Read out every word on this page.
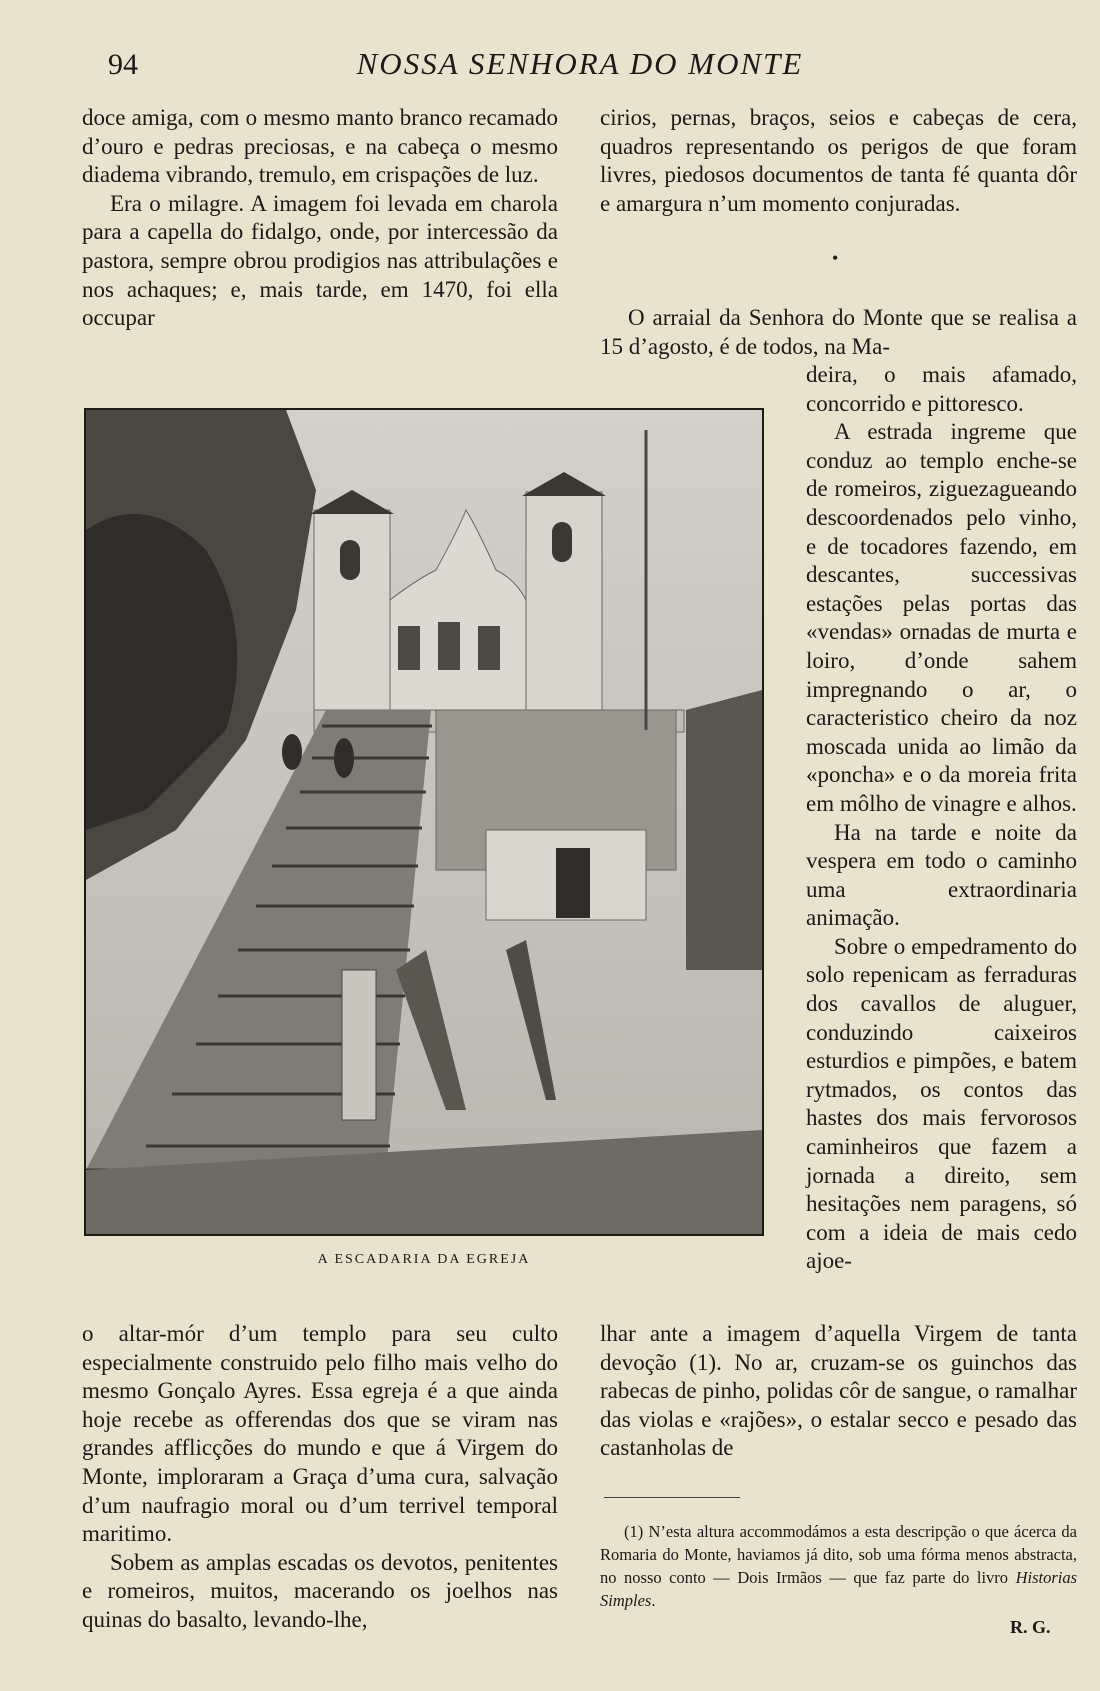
94	NOSSA SENHORA DO MONTE

doce amiga, com o mesmo manto branco recamado d’ouro e pedras preciosas, e na cabeça o mesmo diadema vibrando, tremulo, em crispações de luz.

Era o milagre. A imagem foi levada em charola para a capella do fidalgo, onde, por intercessão da pastora, sempre obrou prodigios nas attribulações e nos achaques; e, mais tarde, em 1470, foi ella occupar

cirios, pernas, braços, seios e cabeças de cera, quadros representando os perigos de que foram livres, piedosos documentos de tanta fé quanta dôr e amargura n’um momento conjuradas.

•

O arraial da Senhora do Monte que se realisa a 15 d’agosto, é de todos, na Ma-

deira, o mais afamado, concorrido e pittoresco.

A estrada ingreme que conduz ao templo enche-se de romeiros, ziguezagueando descoordenados pelo vinho, e de tocadores fazendo, em descantes, successivas estações pelas portas das «vendas» ornadas de murta e loiro, d’onde sahem impregnando o ar, o caracteristico cheiro da noz moscada unida ao limão da «poncha» e o da moreia frita em môlho de vinagre e alhos.

Ha na tarde e noite da vespera em todo o caminho uma extraordinaria animação.

Sobre o empedramento do solo repenicam as ferraduras dos cavallos de aluguer, conduzindo caixeiros esturdios e pimpões, e batem rytmados, os contos das hastes dos mais fervorosos caminheiros que fazem a jornada a direito, sem hesitações nem paragens, só com a ideia de mais cedo ajoe-

A ESCADARIA DA EGREJA

o altar-mór d’um templo para seu culto especialmente construido pelo filho mais velho do mesmo Gonçalo Ayres. Essa egreja é a que ainda hoje recebe as offerendas dos que se viram nas grandes afflicções do mundo e que á Virgem do Monte, imploraram a Graça d’uma cura, salvação d’um naufragio moral ou d’um terrivel temporal maritimo.

Sobem as amplas escadas os devotos, penitentes e romeiros, muitos, macerando os joelhos nas quinas do basalto, levando-lhe,

lhar ante a imagem d’aquella Virgem de tanta devoção (1). No ar, cruzam-se os guinchos das rabecas de pinho, polidas côr de sangue, o ramalhar das violas e «rajões», o estalar secco e pesado das castanholas de

(1) N’esta altura accommodámos a esta descripção o que ácerca da Romaria do Monte, haviamos já dito, sob uma fórma menos abstracta, no nosso conto — Dois Irmãos — que faz parte do livro Historias Simples.
R. G.
